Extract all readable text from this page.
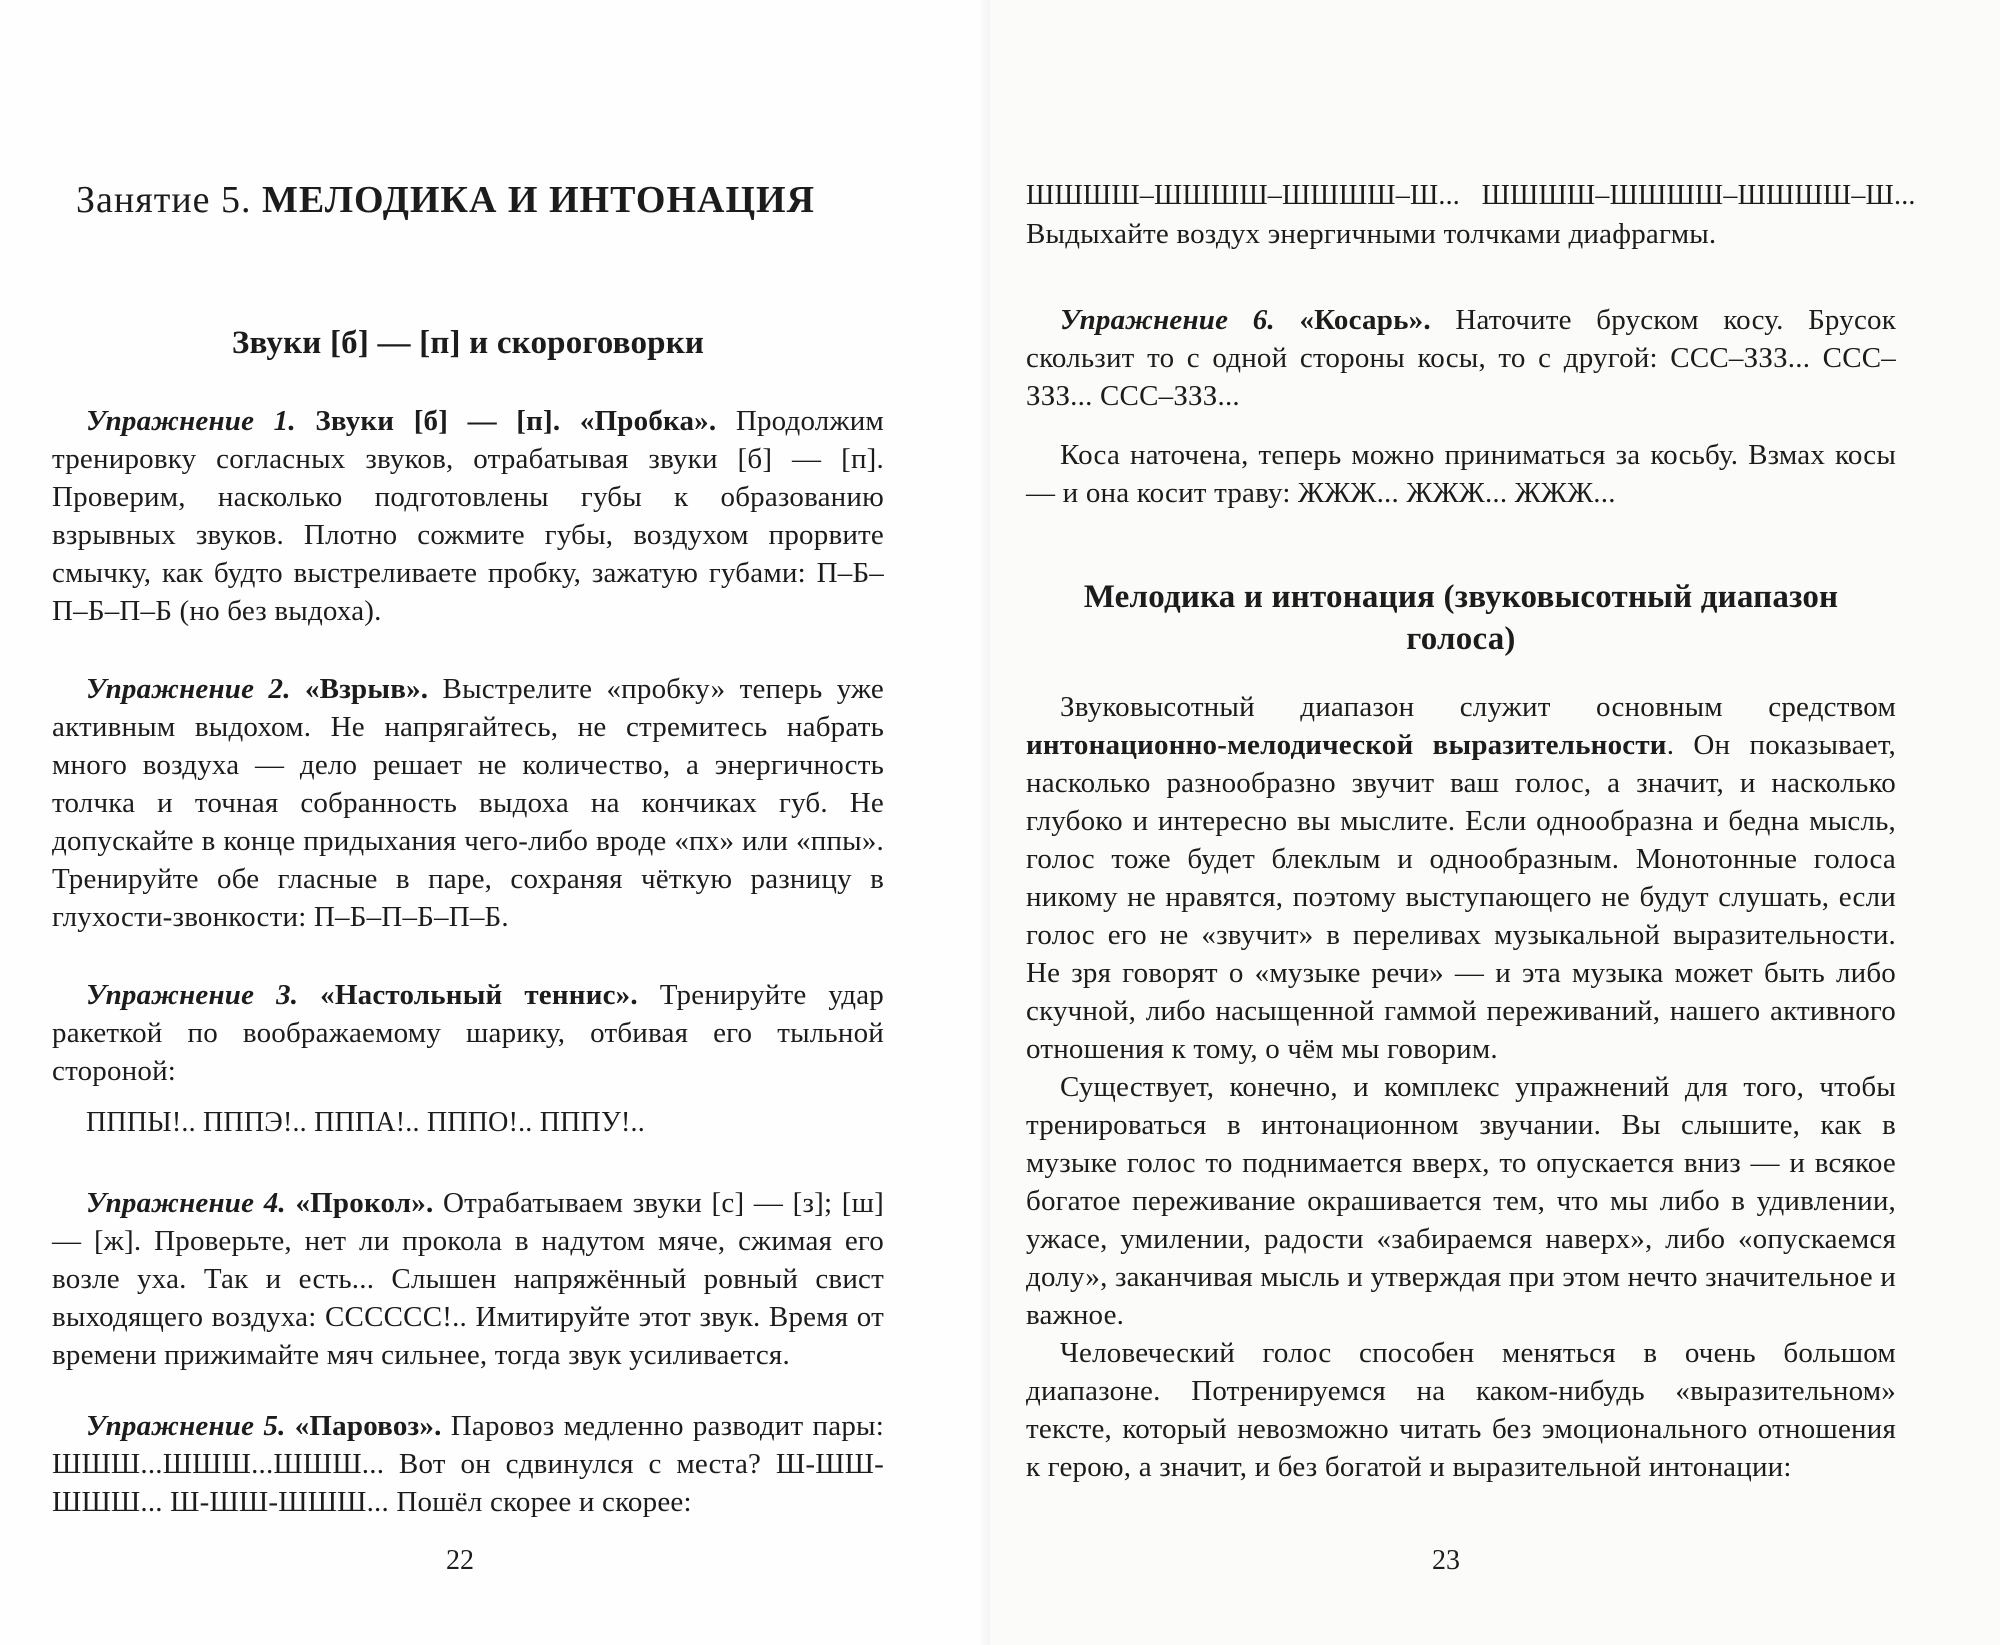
Занятие 5. МЕЛОДИКА И ИНТОНАЦИЯ

Звуки [б] — [п] и скороговорки

Упражнение 1. Звуки [б] — [п]. «Пробка». Продолжим тренировку согласных звуков, отрабатывая звуки [б] — [п]. Проверим, насколько подготовлены губы к образованию взрывных звуков. Плотно сожмите губы, воздухом прорвите смычку, как будто выстреливаете пробку, зажатую губами: П–Б–П–Б–П–Б (но без выдоха).

Упражнение 2. «Взрыв». Выстрелите «пробку» теперь уже активным выдохом. Не напрягайтесь, не стремитесь набрать много воздуха — дело решает не количество, а энергичность толчка и точная собранность выдоха на кончиках губ. Не допускайте в конце придыхания чего-либо вроде «пх» или «ппы». Тренируйте обе гласные в паре, сохраняя чёткую разницу в глухости-звонкости: П–Б–П–Б–П–Б.

Упражнение 3. «Настольный теннис». Тренируйте удар ракеткой по воображаемому шарику, отбивая его тыльной стороной:

ПППЫ!.. ПППЭ!.. ПППА!.. ПППО!.. ПППУ!..

Упражнение 4. «Прокол». Отрабатываем звуки [с] — [з]; [ш] — [ж]. Проверьте, нет ли прокола в надутом мяче, сжимая его возле уха. Так и есть... Слышен напряжённый ровный свист выходящего воздуха: СССССС!.. Имитируйте этот звук. Время от времени прижимайте мяч сильнее, тогда звук усиливается.

Упражнение 5. «Паровоз». Паровоз медленно разводит пары: ШШШ...ШШШ...ШШШ... Вот он сдвинулся с места? Ш-ШШ-ШШШ... Ш-ШШ-ШШШ... Пошёл скорее и скорее:

22

ШШШШ–ШШШШ–ШШШШ–Ш...   ШШШШ–ШШШШ–ШШШШ–Ш...

Выдыхайте воздух энергичными толчками диафрагмы.

Упражнение 6. «Косарь». Наточите бруском косу. Брусок скользит то с одной стороны косы, то с другой: ССС–ЗЗЗ... ССС–ЗЗЗ... ССС–ЗЗЗ...

Коса наточена, теперь можно приниматься за косьбу. Взмах косы — и она косит траву: ЖЖЖ... ЖЖЖ... ЖЖЖ...

Мелодика и интонация (звуковысотный диапазон голоса)

Звуковысотный диапазон служит основным средством интонационно-мелодической выразительности. Он показывает, насколько разнообразно звучит ваш голос, а значит, и насколько глубоко и интересно вы мыслите. Если однообразна и бедна мысль, голос тоже будет блеклым и однообразным. Монотонные голоса никому не нравятся, поэтому выступающего не будут слушать, если голос его не «звучит» в переливах музыкальной выразительности. Не зря говорят о «музыке речи» — и эта музыка может быть либо скучной, либо насыщенной гаммой переживаний, нашего активного отношения к тому, о чём мы говорим.

Существует, конечно, и комплекс упражнений для того, чтобы тренироваться в интонационном звучании. Вы слышите, как в музыке голос то поднимается вверх, то опускается вниз — и всякое богатое переживание окрашивается тем, что мы либо в удивлении, ужасе, умилении, радости «забираемся наверх», либо «опускаемся долу», заканчивая мысль и утверждая при этом нечто значительное и важное.

Человеческий голос способен меняться в очень большом диапазоне. Потренируемся на каком-нибудь «выразительном» тексте, который невозможно читать без эмоционального отношения к герою, а значит, и без богатой и выразительной интонации:

23
